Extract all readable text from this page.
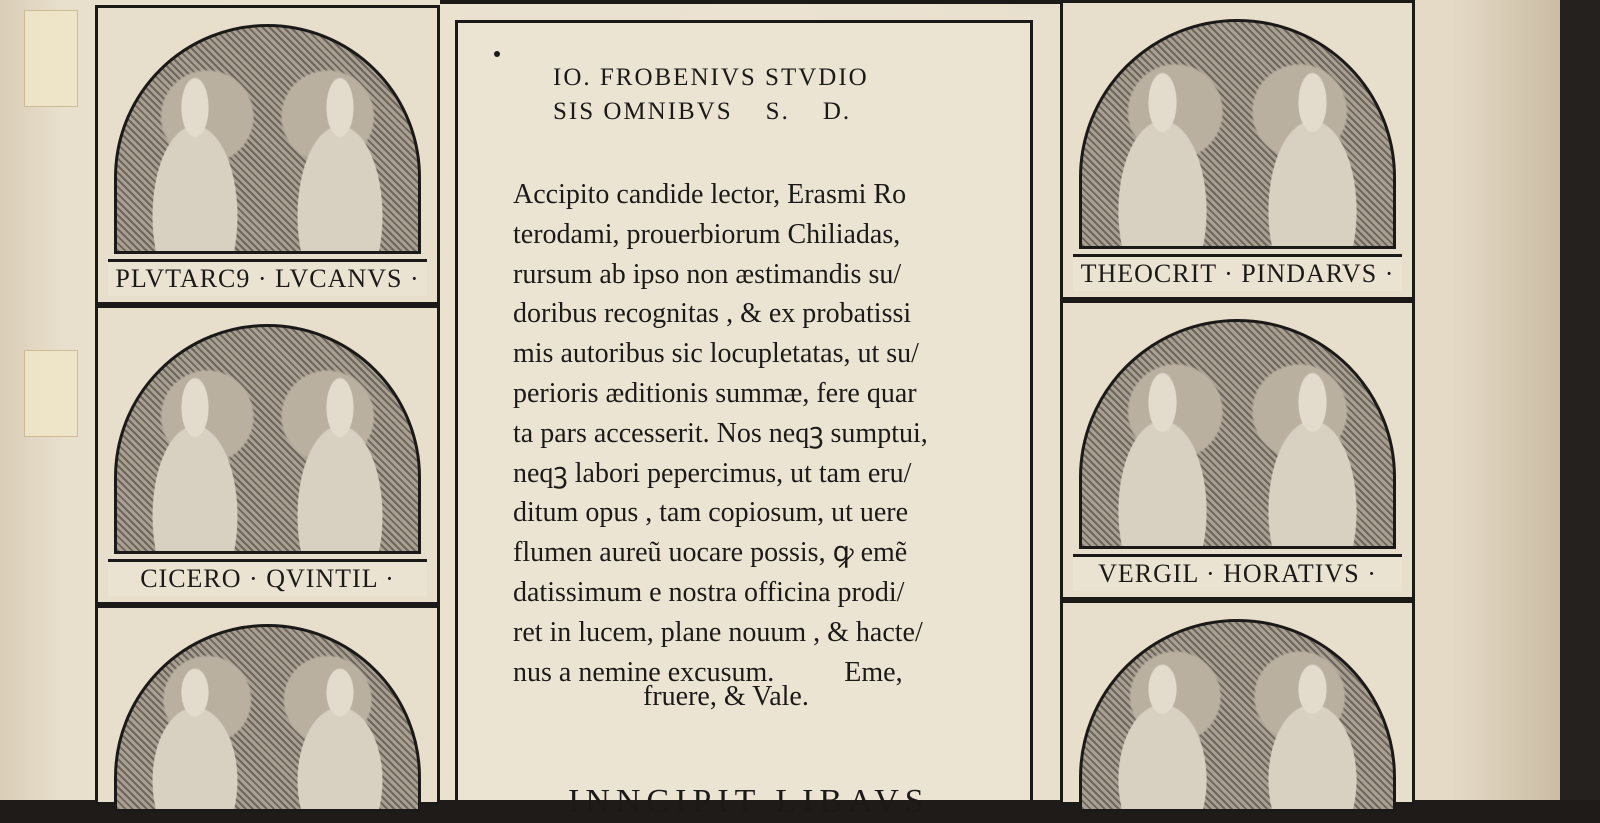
PLVTARC9 · LVCANVS ·
CICERO · QVINTIL ·
THEOCRIT · PINDARVS ·
VERGIL · HORATIVS ·
IO. FROBENIVS STVDIO
SIS OMNIBVS    S.    D.
Accipito candide lector, Erasmi Ro
terodami, prouerbiorum Chiliadas,
rursum ab ipso non æstimandis su/
doribus recognitas , & ex probatissi
mis autoribus sic locupletatas, ut su/
perioris æditionis summæ, fere quar
ta pars accesserit. Nos neqꝫ sumptui,
neqꝫ labori pepercimus, ut tam eru/
ditum opus , tam copiosum, ut uere
flumen aureũ uocare possis, ꝙ emẽ
datissimum e nostra officina prodi/
ret in lucem, plane nouum , & hacte/
nus a nemine excusum.          Eme,
fruere, & Vale.
INNCIPIT LIBAVS
